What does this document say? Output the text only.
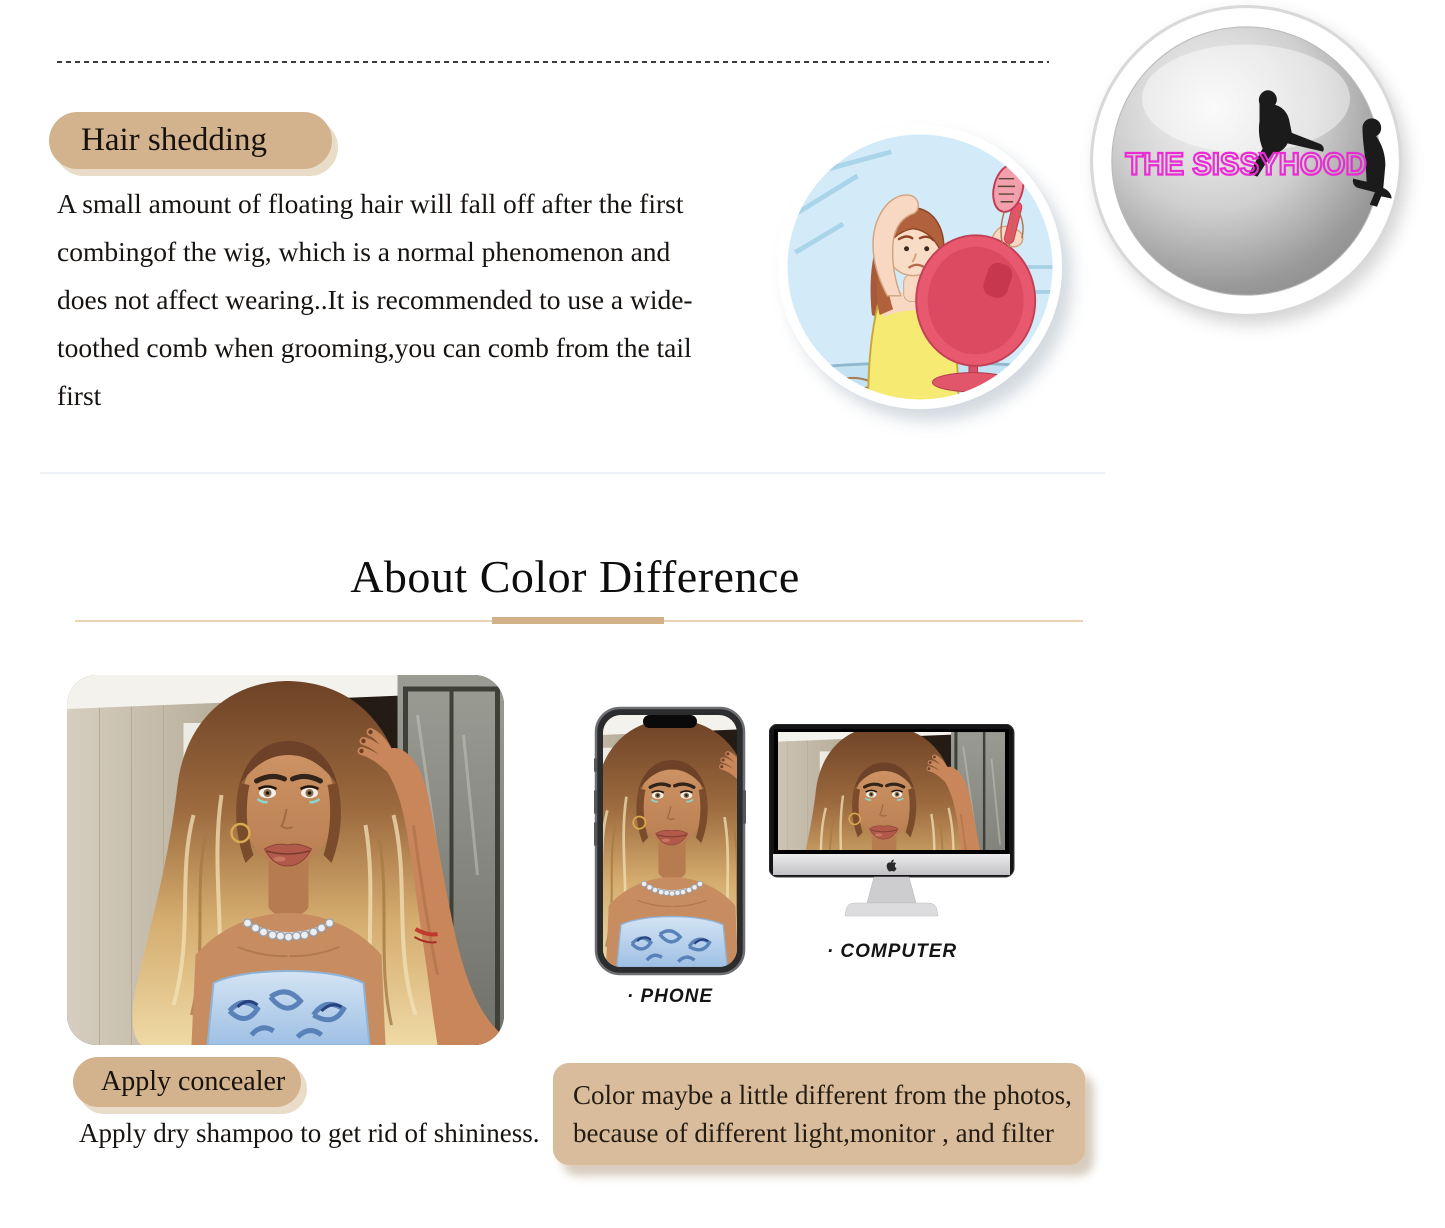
Hair shedding
A small amount of floating hair will fall off after the first
combingof the wig, which is a normal phenomenon and
does not affect wearing..It is recommended to use a wide-
toothed comb when grooming,you can comb from the tail
first
THE SISSYHOOD
About Color Difference
· PHONE
· COMPUTER
Apply concealer
Apply dry shampoo to get rid of shininess.
Color maybe a little different from the photos,
because of different light,monitor , and filter
